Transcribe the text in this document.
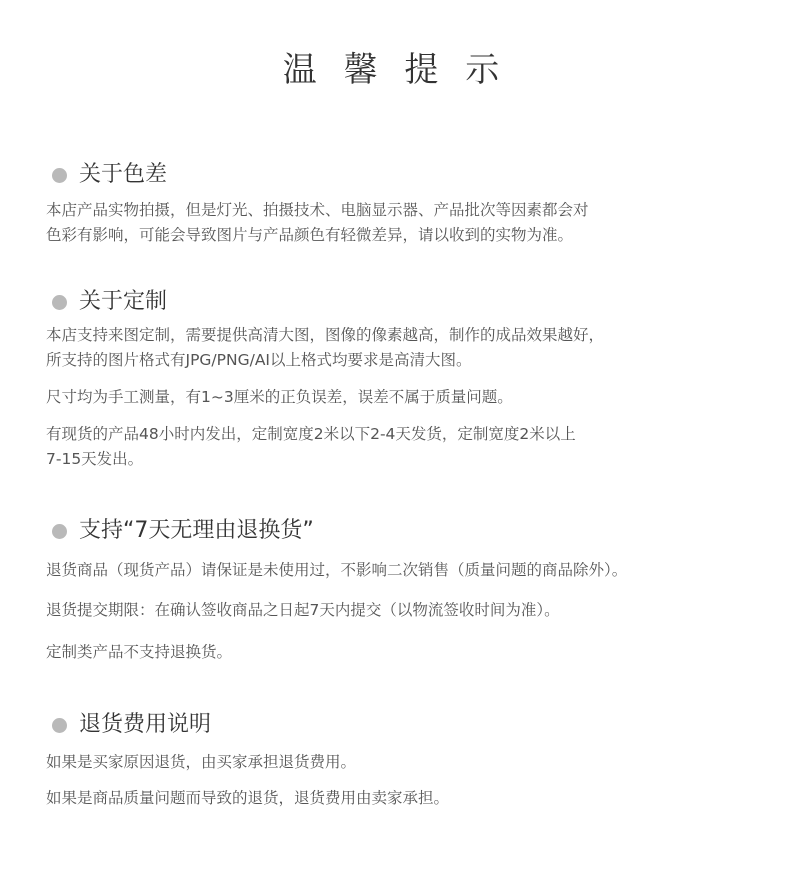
温 馨 提 示
关于色差
本店产品实物拍摄，但是灯光、拍摄技术、电脑显示器、产品批次等因素都会对
色彩有影响，可能会导致图片与产品颜色有轻微差异，请以收到的实物为准。
关于定制
本店支持来图定制，需要提供高清大图，图像的像素越高，制作的成品效果越好，
所支持的图片格式有JPG/PNG/AI以上格式均要求是高清大图。
尺寸均为手工测量，有1~3厘米的正负误差，误差不属于质量问题。
有现货的产品48小时内发出，定制宽度2米以下2-4天发货，定制宽度2米以上
7-15天发出。
支持“7天无理由退换货”
退货商品（现货产品）请保证是未使用过，不影响二次销售（质量问题的商品除外）。
退货提交期限：在确认签收商品之日起7天内提交（以物流签收时间为准）。
定制类产品不支持退换货。
退货费用说明
如果是买家原因退货，由买家承担退货费用。
如果是商品质量问题而导致的退货，退货费用由卖家承担。
